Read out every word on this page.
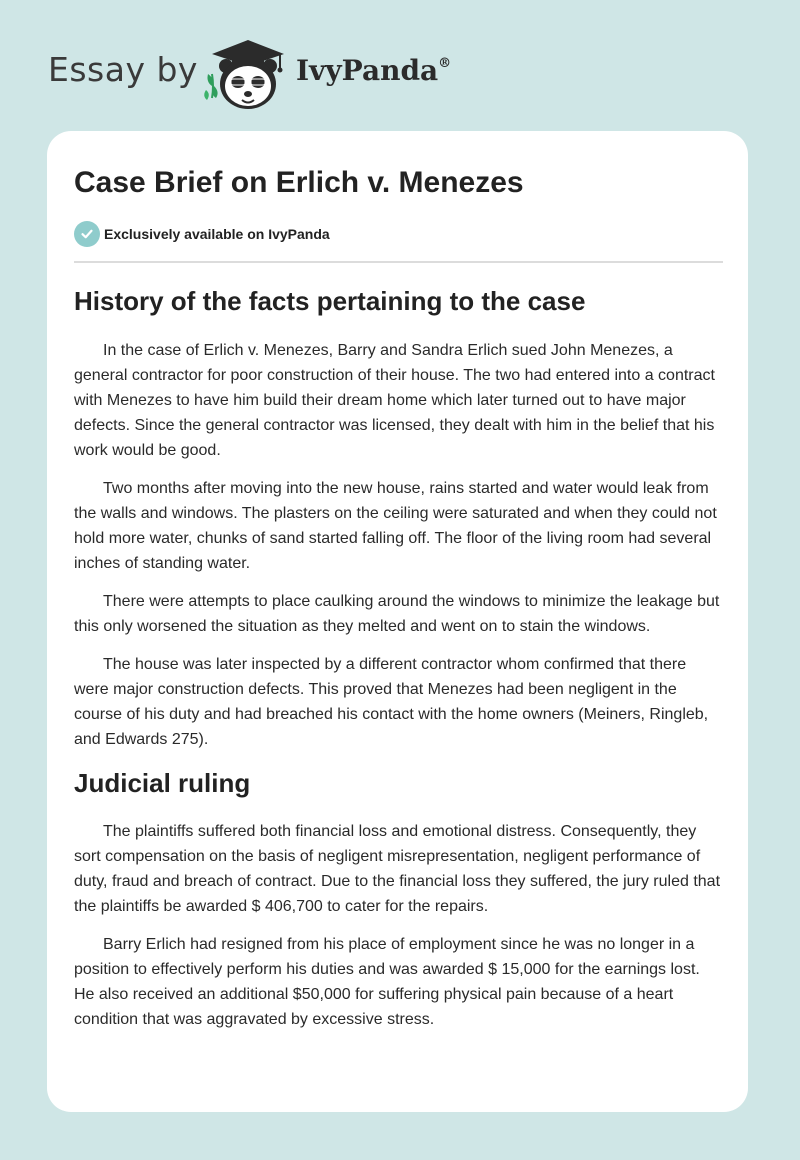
Essay by	IvyPanda®
Case Brief on Erlich v. Menezes
Exclusively available on IvyPanda
History of the facts pertaining to the case

In the case of Erlich v. Menezes, Barry and Sandra Erlich sued John Menezes, a general contractor for poor construction of their house. The two had entered into a contract with Menezes to have him build their dream home which later turned out to have major defects. Since the general contractor was licensed, they dealt with him in the belief that his work would be good.

Two months after moving into the new house, rains started and water would leak from the walls and windows. The plasters on the ceiling were saturated and when they could not hold more water, chunks of sand started falling off. The floor of the living room had several inches of standing water.

There were attempts to place caulking around the windows to minimize the leakage but this only worsened the situation as they melted and went on to stain the windows.

The house was later inspected by a different contractor whom confirmed that there were major construction defects. This proved that Menezes had been negligent in the course of his duty and had breached his contact with the home owners (Meiners, Ringleb, and Edwards 275).

Judicial ruling

The plaintiffs suffered both financial loss and emotional distress. Consequently, they sort compensation on the basis of negligent misrepresentation, negligent performance of duty, fraud and breach of contract. Due to the financial loss they suffered, the jury ruled that the plaintiffs be awarded $ 406,700 to cater for the repairs.

Barry Erlich had resigned from his place of employment since he was no longer in a position to effectively perform his duties and was awarded $ 15,000 for the earnings lost. He also received an additional $50,000 for suffering physical pain because of a heart condition that was aggravated by excessive stress.
